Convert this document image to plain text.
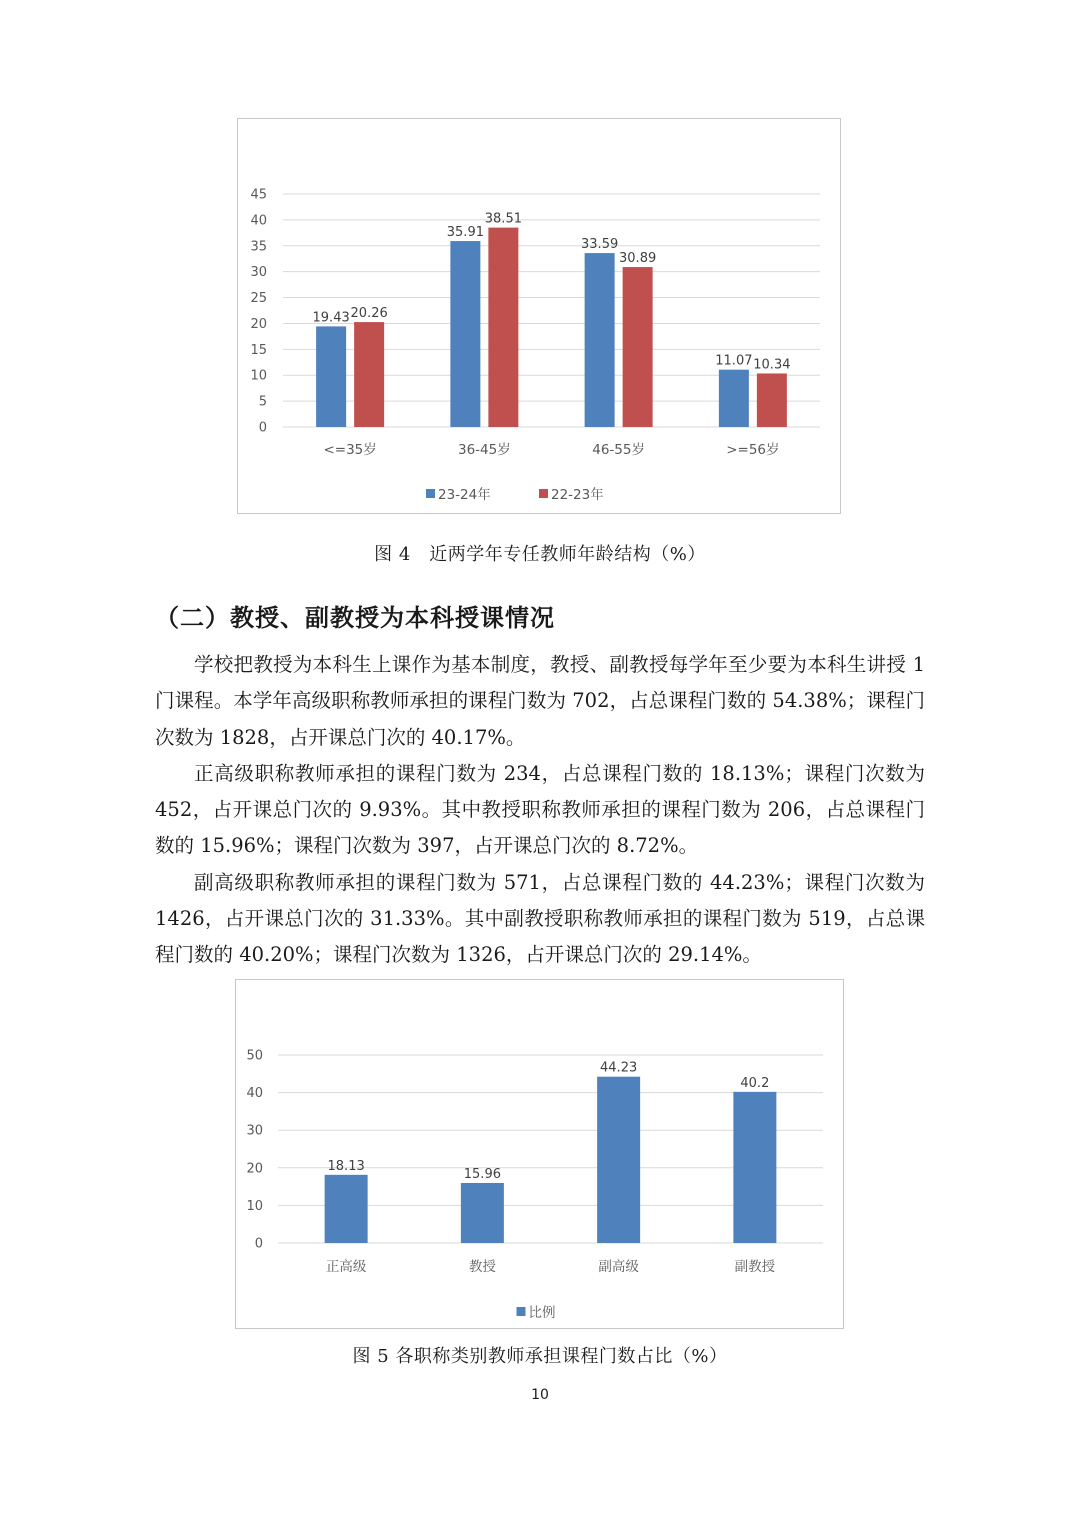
0
5
10
15
20
25
30
35
40
45
<=35岁
19.43 20.26
36-45岁
35.91
38.51
46-55岁
33.59
30.89
>=56岁
11.07 10.34
23-24年	22-23年
图 4　近两学年专任教师年龄结构（%）
（二）教授、副教授为本科授课情况

学校把教授为本科生上课作为基本制度，教授、副教授每学年至少要为本科生讲授 1 门课程。本学年高级职称教师承担的课程门数为 702，占总课程门数的 54.38%；课程门次数为 1828，占开课总门次的 40.17%。

正高级职称教师承担的课程门数为 234，占总课程门数的 18.13%；课程门次数为 452，占开课总门次的 9.93%。其中教授职称教师承担的课程门数为 206，占总课程门数的 15.96%；课程门次数为 397，占开课总门次的 8.72%。

副高级职称教师承担的课程门数为 571，占总课程门数的 44.23%；课程门次数为 1426，占开课总门次的 31.33%。其中副教授职称教师承担的课程门数为 519，占总课程门数的 40.20%；课程门次数为 1326，占开课总门次的 29.14%。

0
10
20
30
40
50
正高级
18.13
教授
15.96
副高级
44.23
副教授
40.2
比例
图 5 各职称类别教师承担课程门数占比（%）
10
